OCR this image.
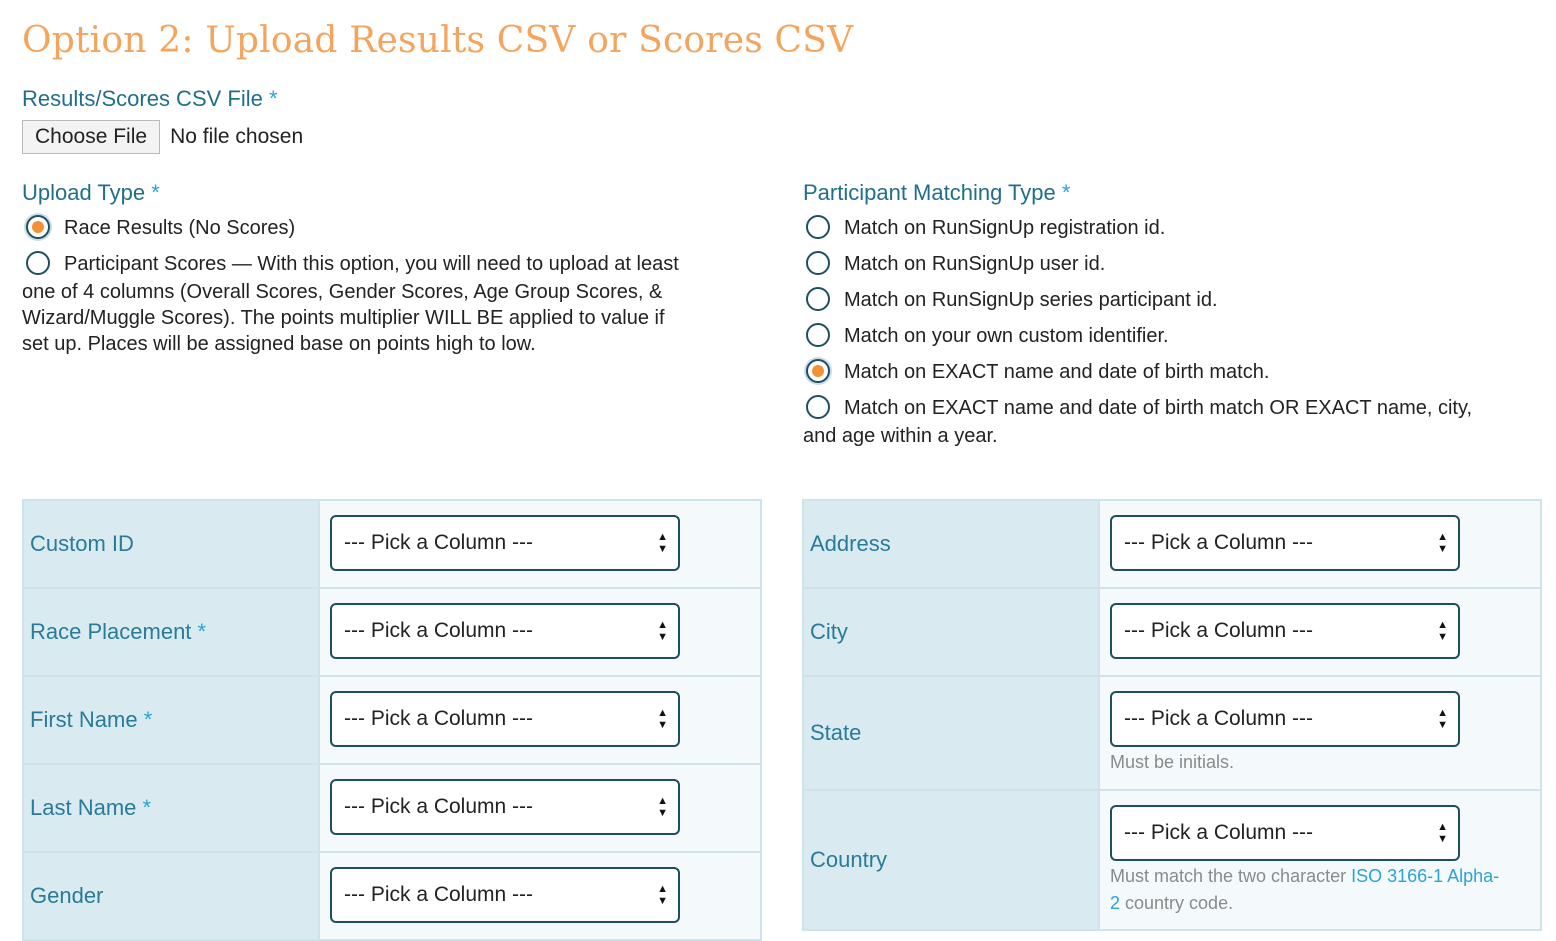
Option 2: Upload Results CSV or Scores CSV
Results/Scores CSV File *
Choose File	No file chosen
Upload Type *	Participant Matching Type *
Race Results (No Scores)
Participant Scores — With this option, you will need to upload at least
one of 4 columns (Overall Scores, Gender Scores, Age Group Scores, &
Wizard/Muggle Scores). The points multiplier WILL BE applied to value if
set up. Places will be assigned base on points high to low.
Match on RunSignUp registration id.
Match on RunSignUp user id.
Match on RunSignUp series participant id.
Match on your own custom identifier.
Match on EXACT name and date of birth match.
Match on EXACT name and date of birth match OR EXACT name, city,
and age within a year.
Custom ID	--- Pick a Column --- ▲
▼

Race Placement *	--- Pick a Column --- ▲
▼

First Name *	--- Pick a Column --- ▲
▼

Last Name *	--- Pick a Column --- ▲
▼

Gender	--- Pick a Column --- ▲
▼
Address	--- Pick a Column --- ▲
▼

City	--- Pick a Column --- ▲
▼

State	--- Pick a Column --- ▲
▼
Must be initials.

Country	--- Pick a Column --- ▲
▼
Must match the two character ISO 3166-1 Alpha-
2 country code.
